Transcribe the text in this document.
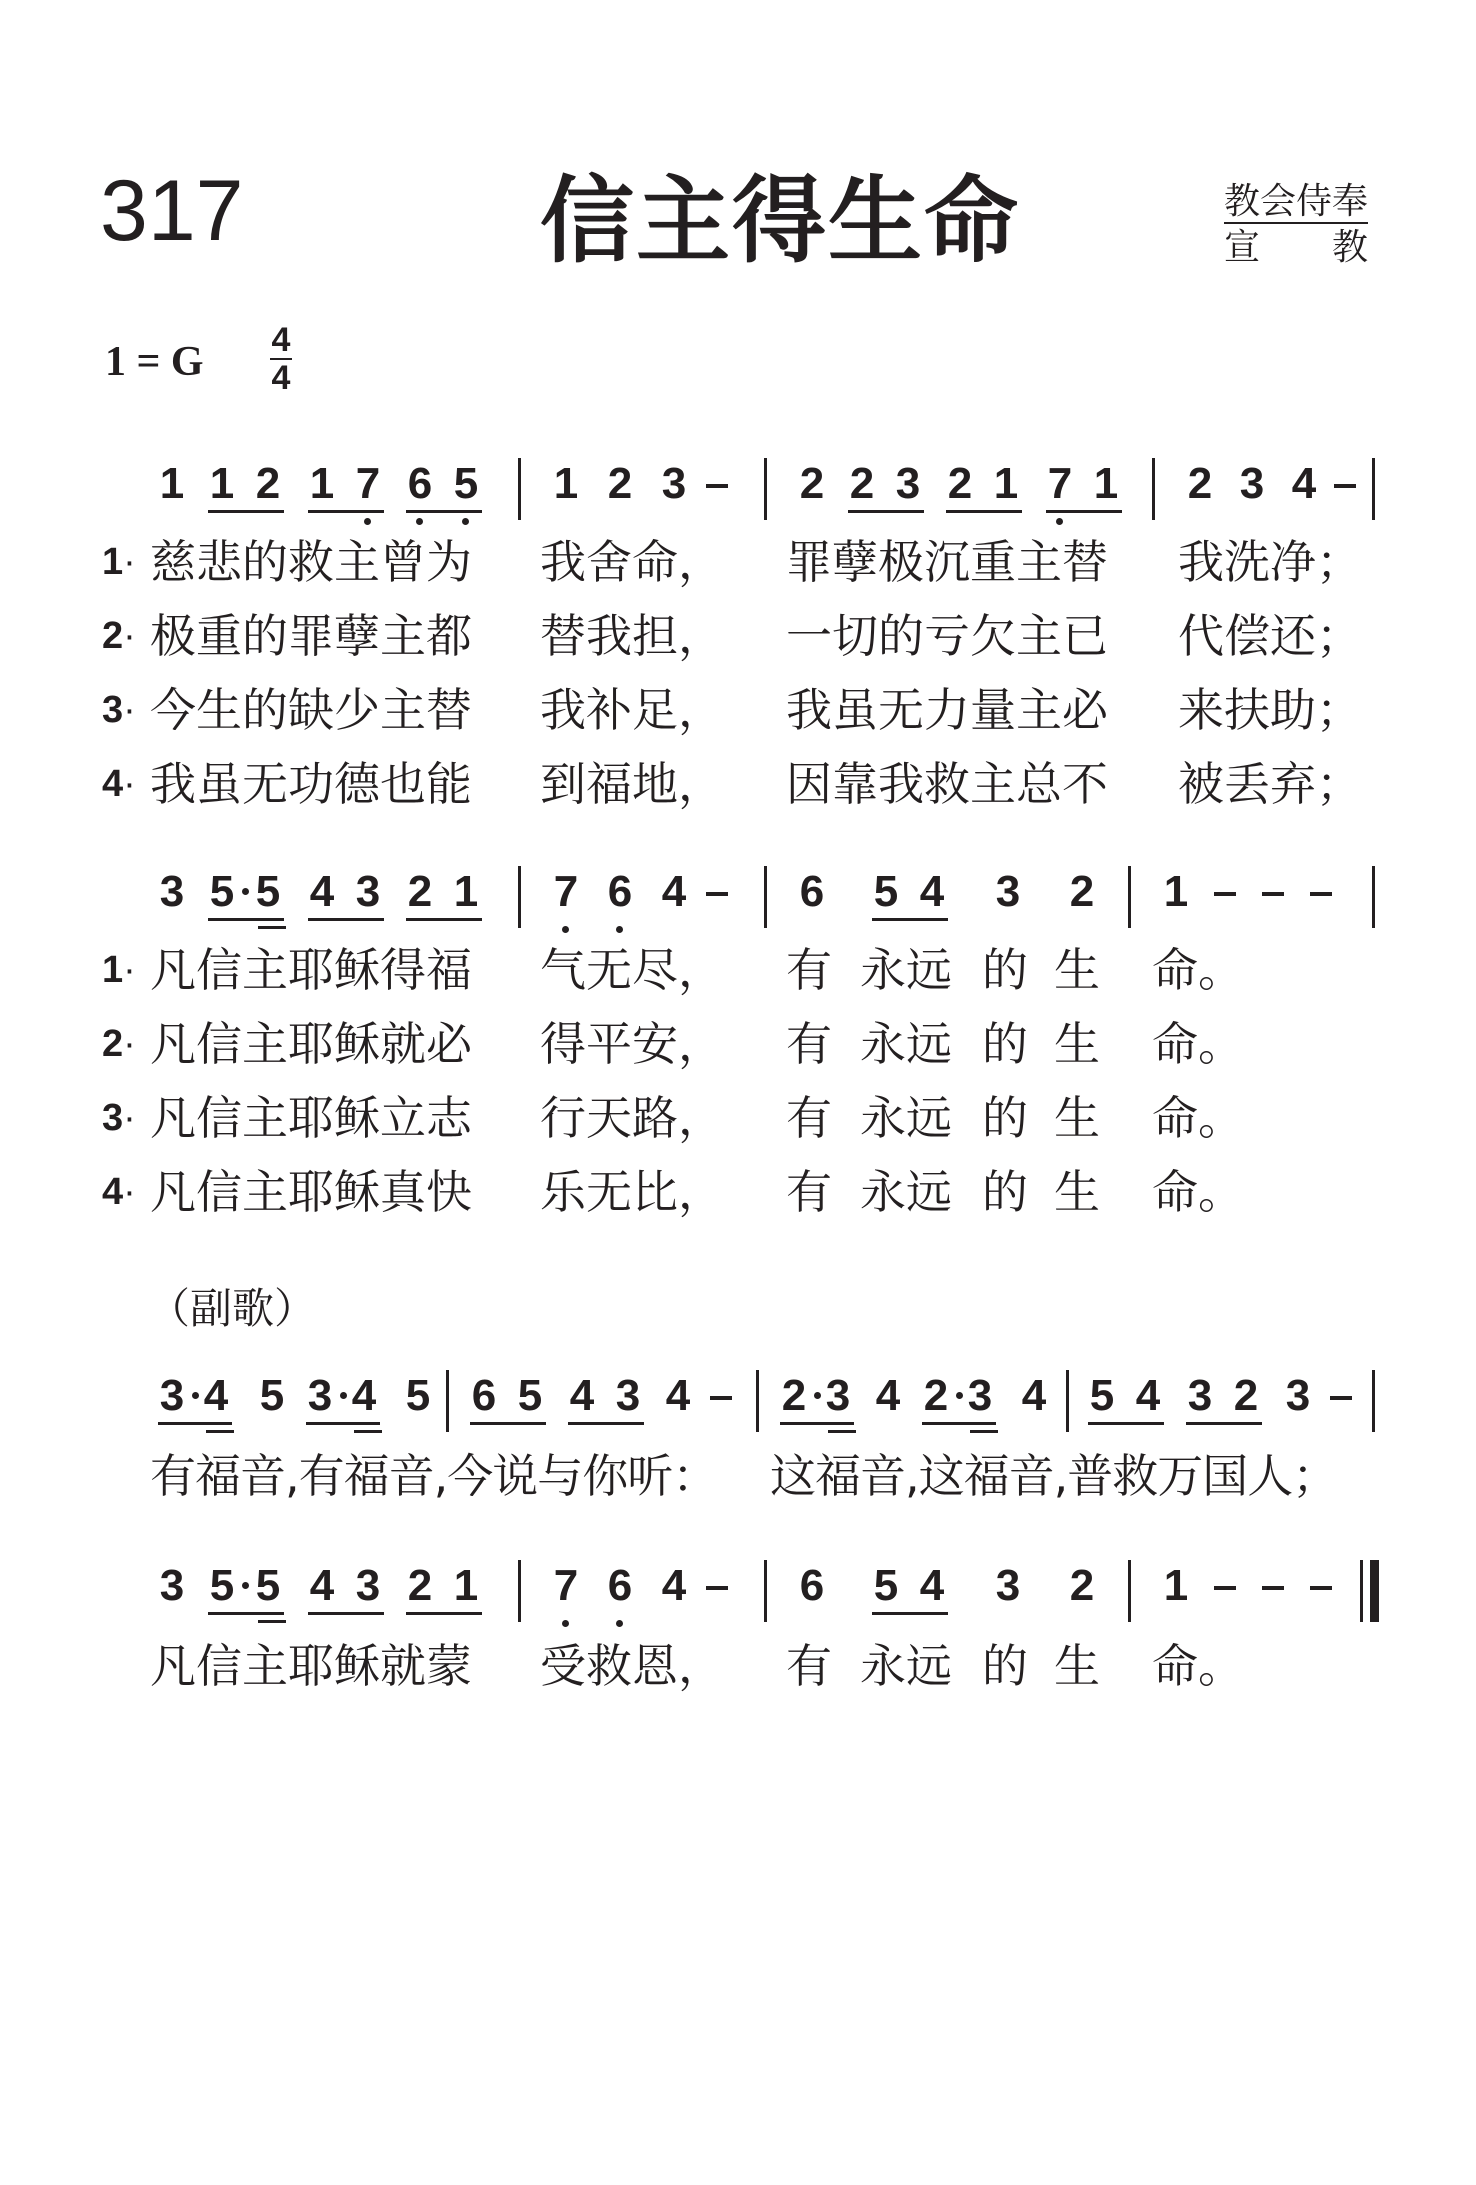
317	信主得生命	教会侍奉
宣　　教
1 = G 4
4
1 1 2 1 7 6 5 1 2 3	2 2 3 2 1 7 1 2 3 4
1· 慈悲的救主曾为 我舍命， 罪孽极沉重主替 我洗净；
2· 极重的罪孽主都 替我担， 一切的亏欠主已 代偿还；
3· 今生的缺少主替 我补足， 我虽无力量主必 来扶助；
4· 我虽无功德也能 到福地， 因靠我救主总不 被丢弃；
3 5 5 4 3 2 1 7 6 4	6 5 4 3 2 1
1· 凡信主耶稣得福 气无尽， 有 永远 的 生 命。
2· 凡信主耶稣就必 得平安， 有 永远 的 生 命。
3· 凡信主耶稣立志 行天路， 有 永远 的 生 命。
4· 凡信主耶稣真快 乐无比， 有 永远 的 生 命。
（副歌）
3 4 5 3 4 5 6 5 4 3 4 2 3 4 2 3 4 5 4 3 2 3
有福音,有福音,今说与你听： 这福音,这福音,普救万国人；
3 5 5 4 3 2 1 7 6 4	6 5 4 3 2 1
凡信主耶稣就蒙 受救恩， 有 永远 的 生 命。
